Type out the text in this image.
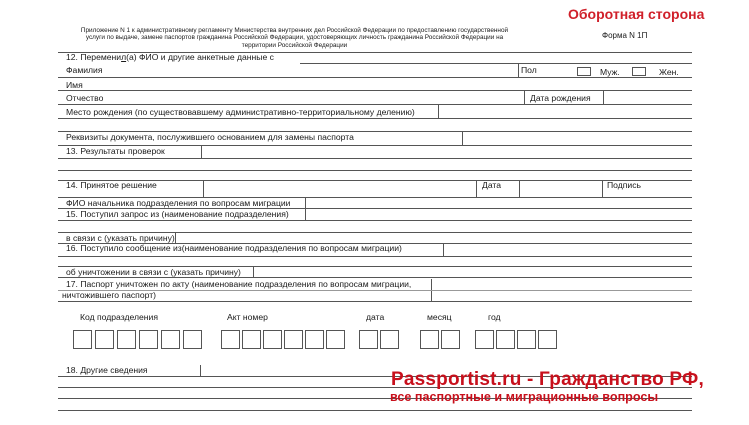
Оборотная сторона
Приложение N 1 к административному регламенту Министерства внутренних дел Российской Федерации по предоставлению государственной
услуги по выдаче, замене паспортов гражданина Российской Федерации, удостоверяющих личность гражданина Российской Федерации на
территории Российской Федерации
Форма N 1П
12. Переменил(а) ФИО и другие анкетные данные с
Фамилия	Пол	Муж.	Жен.
Имя
Отчество	Дата рождения
Место рождения (по существовавшему административно-территориальному делению)
Реквизиты документа, послужившего основанием для замены паспорта
13. Результаты проверок
14. Принятое решение	Дата	Подпись
ФИО начальника подразделения по вопросам миграции
15. Поступил запрос из (наименование подразделения)
в связи с (указать причину)
16. Поступило сообщение из(наименование подразделения по вопросам миграции)
об уничтожении в связи с (указать причину)
17. Паспорт уничтожен по акту (наименование подразделения по вопросам миграции,
ничтожившего паспорт)
Код подразделения	Акт номер	дата	месяц	год
18. Другие сведения	Passportist.ru - Гражданство РФ,
все паспортные и миграционные вопросы
